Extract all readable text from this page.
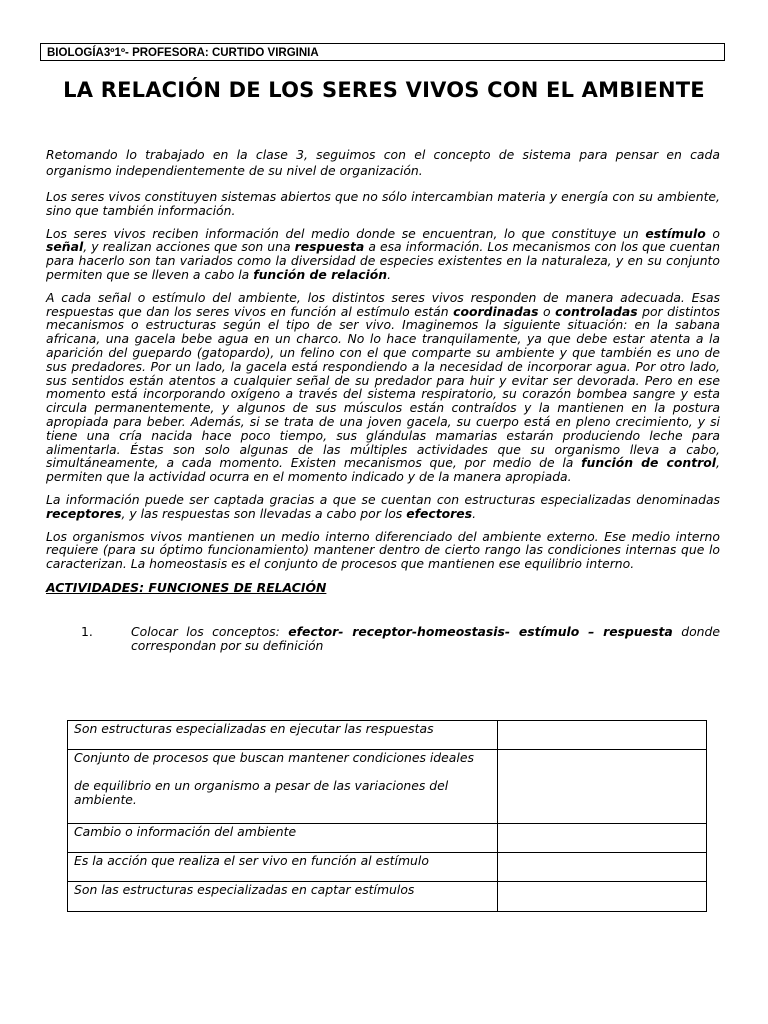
BIOLOGÍA3º1º- PROFESORA: CURTIDO VIRGINIA
LA RELACIÓN DE LOS SERES VIVOS CON EL AMBIENTE

Retomando lo trabajado en la clase 3, seguimos con el concepto de sistema para pensar en cada organismo independientemente de su nivel de organización.

Los seres vivos constituyen sistemas abiertos que no sólo intercambian materia y energía con su ambiente, sino que también información.

Los seres vivos reciben información del medio donde se encuentran, lo que constituye un estímulo o señal, y realizan acciones que son una respuesta a esa información. Los mecanismos con los que cuentan para hacerlo son tan variados como la diversidad de especies existentes en la naturaleza, y en su conjunto permiten que se lleven a cabo la función de relación.

A cada señal o estímulo del ambiente, los distintos seres vivos responden de manera adecuada. Esas respuestas que dan los seres vivos en función al estímulo están coordinadas o controladas por distintos mecanismos o estructuras según el tipo de ser vivo. Imaginemos la siguiente situación: en la sabana africana, una gacela bebe agua en un charco. No lo hace tranquilamente, ya que debe estar atenta a la aparición del guepardo (gatopardo), un felino con el que comparte su ambiente y que también es uno de sus predadores. Por un lado, la gacela está respondiendo a la necesidad de incorporar agua. Por otro lado, sus sentidos están atentos a cualquier señal de su predador para huir y evitar ser devorada. Pero en ese momento está incorporando oxígeno a través del sistema respiratorio, su corazón bombea sangre y esta circula permanentemente, y algunos de sus músculos están contraídos y la mantienen en la postura apropiada para beber. Además, si se trata de una joven gacela, su cuerpo está en pleno crecimiento, y si tiene una cría nacida hace poco tiempo, sus glándulas mamarias estarán produciendo leche para alimentarla. Éstas son solo algunas de las múltiples actividades que su organismo lleva a cabo, simultáneamente, a cada momento. Existen mecanismos que, por medio de la función de control, permiten que la actividad ocurra en el momento indicado y de la manera apropiada.

La información puede ser captada gracias a que se cuentan con estructuras especializadas denominadas receptores, y las respuestas son llevadas a cabo por los efectores.

Los organismos vivos mantienen un medio interno diferenciado del ambiente externo. Ese medio interno requiere (para su óptimo funcionamiento) mantener dentro de cierto rango las condiciones internas que lo caracterizan. La homeostasis es el conjunto de procesos que mantienen ese equilibrio interno.

ACTIVIDADES: FUNCIONES DE RELACIÓN
1.	Colocar los conceptos: efector- receptor-homeostasis- estímulo – respuesta donde correspondan por su definición
Son estructuras especializadas en ejecutar las respuestas	

Conjunto de procesos que buscan mantener condiciones ideales
de equilibrio en un organismo a pesar de las variaciones del ambiente.	

Cambio o información del ambiente	
Es la acción que realiza el ser vivo en función al estímulo	
Son las estructuras especializadas en captar estímulos	
